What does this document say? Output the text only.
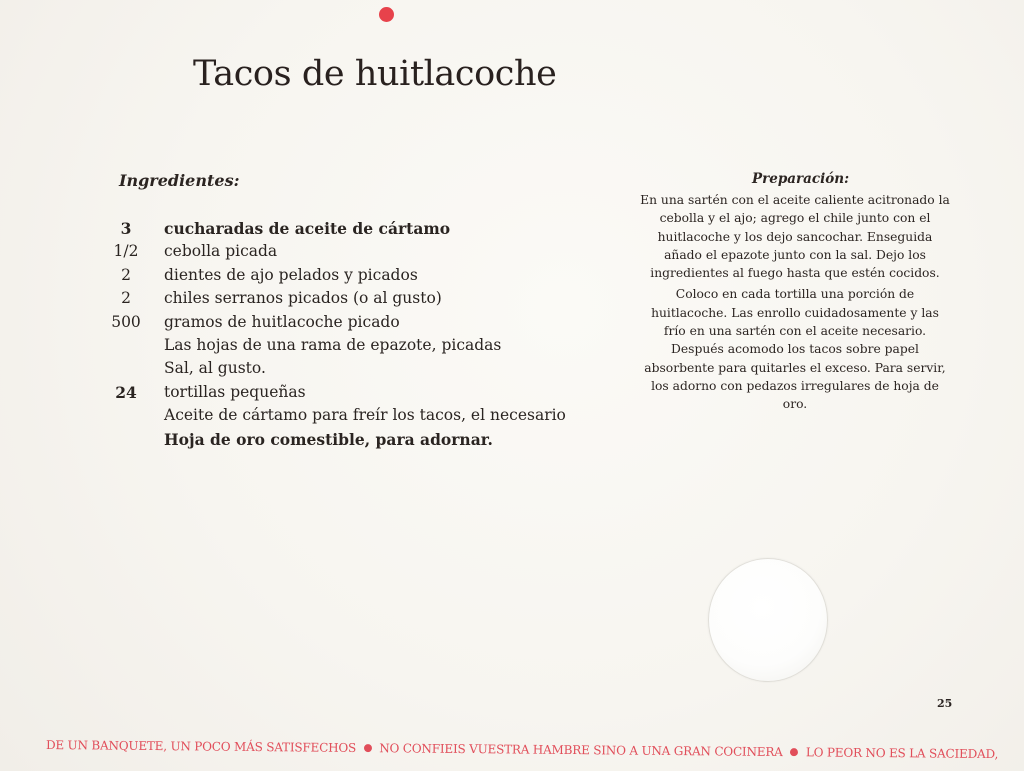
Tacos de huitlacoche
Ingredientes:
3	cucharadas de aceite de cártamo
1/2	cebolla picada
2	dientes de ajo pelados y picados
2	chiles serranos picados (o al gusto)
500	gramos de huitlacoche picado
Las hojas de una rama de epazote, picadas
Sal, al gusto.
24	tortillas pequeñas
Aceite de cártamo para freír los tacos, el necesario
Hoja de oro comestible, para adornar.
Preparación:

En una sartén con el aceite caliente acitronado la cebolla y el ajo; agrego el chile junto con el huitlacoche y los dejo sancochar. Enseguida añado el epazote junto con la sal. Dejo los ingredientes al fuego hasta que estén cocidos.

Coloco en cada tortilla una porción de huitlacoche. Las enrollo cuidadosamente y las frío en una sartén con el aceite necesario. Después acomodo los tacos sobre papel absorbente para quitarles el exceso. Para servir, los adorno con pedazos irregulares de hoja de oro.

25
DE UN BANQUETE, UN POCO MÁS SATISFECHOS NO CONFIEIS VUESTRA HAMBRE SINO A UNA GRAN COCINERA LO PEOR NO ES LA SACIEDAD,
